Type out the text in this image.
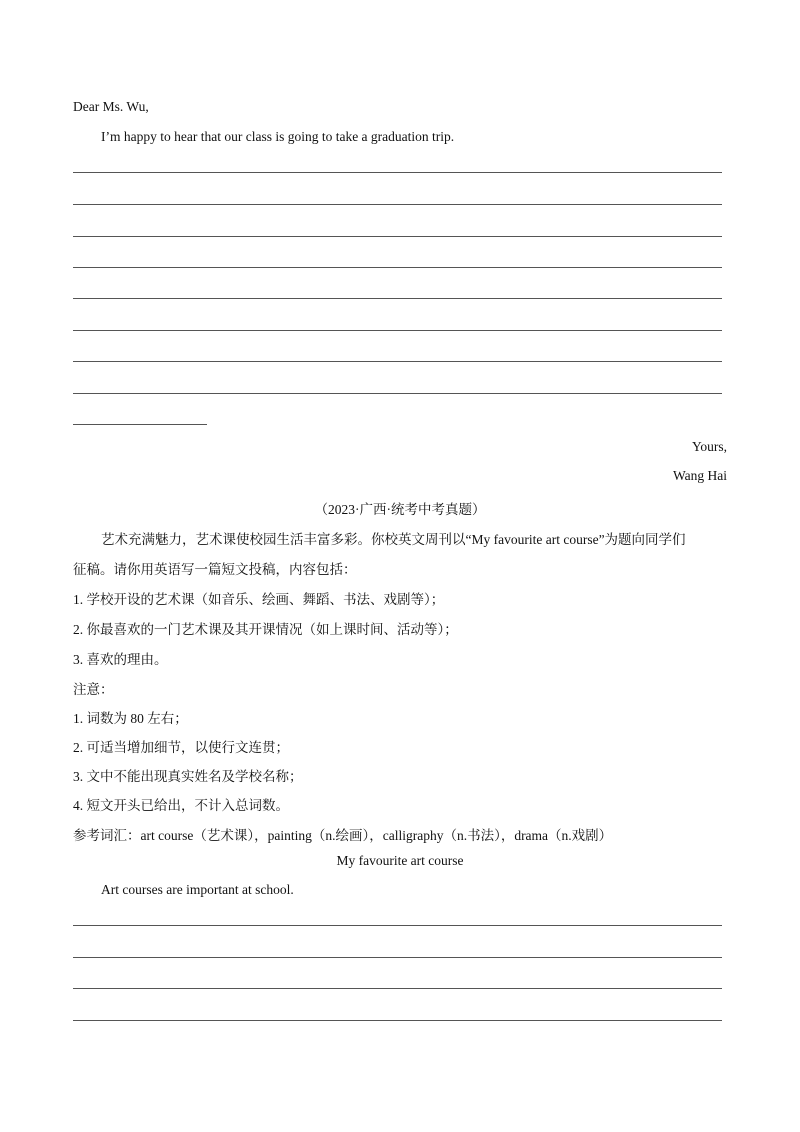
Dear Ms. Wu,
I’m happy to hear that our class is going to take a graduation trip.
Yours,
Wang Hai
（2023·广西·统考中考真题）
艺术充满魅力，艺术课使校园生活丰富多彩。你校英文周刊以“My favourite art course”为题向同学们
征稿。请你用英语写一篇短文投稿，内容包括：
1. 学校开设的艺术课（如音乐、绘画、舞蹈、书法、戏剧等）；
2. 你最喜欢的一门艺术课及其开课情况（如上课时间、活动等）；
3. 喜欢的理由。
注意：
1. 词数为 80 左右；
2. 可适当增加细节，以使行文连贯；
3. 文中不能出现真实姓名及学校名称；
4. 短文开头已给出，不计入总词数。
参考词汇：art course（艺术课），painting（n.绘画），calligraphy（n.书法），drama（n.戏剧）
My favourite art course
Art courses are important at school.
